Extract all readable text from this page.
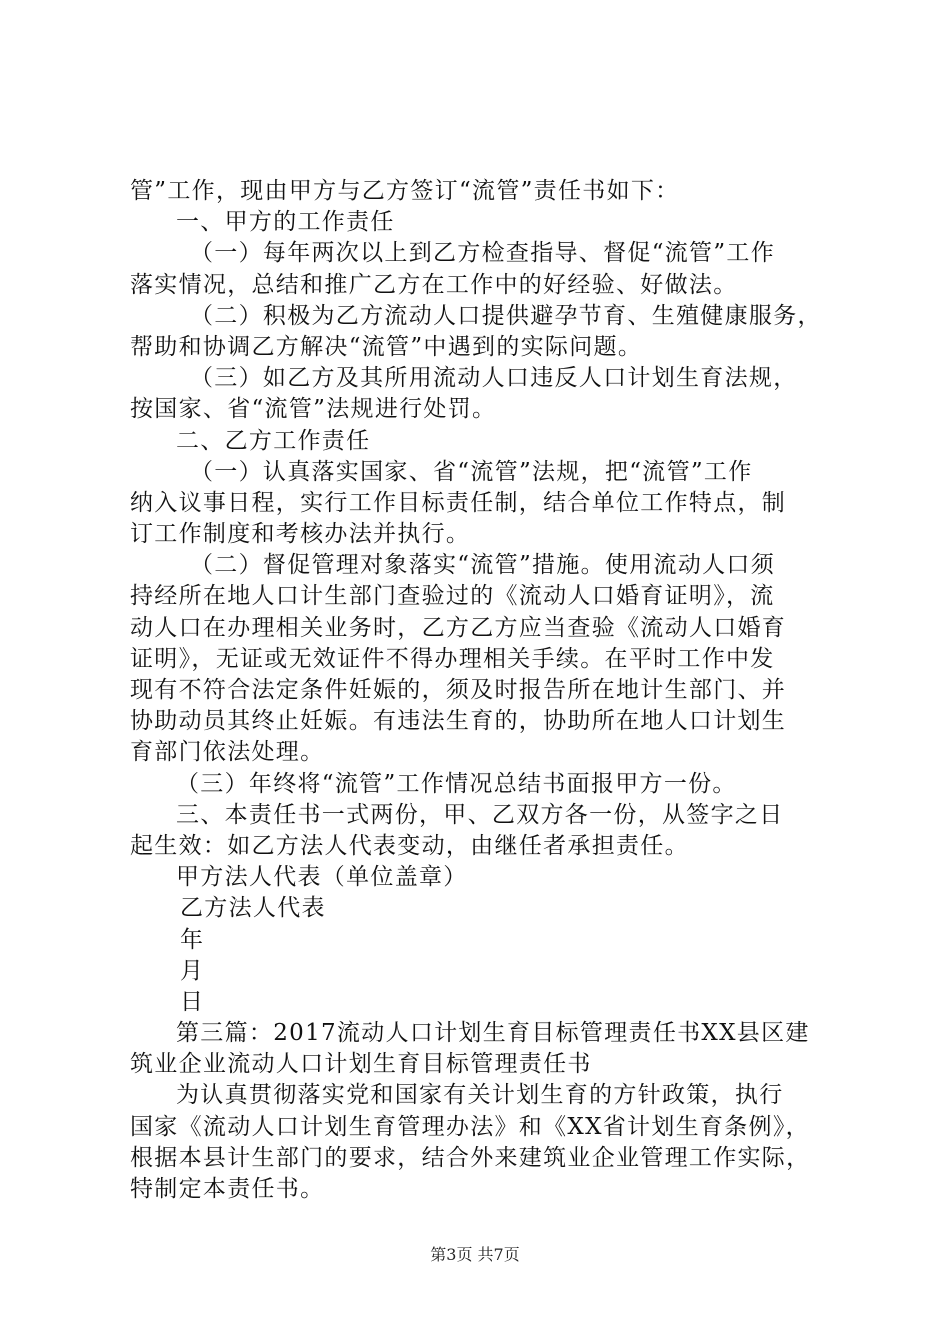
管”工作，现由甲方与乙方签订“流管”责任书如下：
一、甲方的工作责任
（一）每年两次以上到乙方检查指导、督促“流管”工作
落实情况，总结和推广乙方在工作中的好经验、好做法。
（二）积极为乙方流动人口提供避孕节育、生殖健康服务，
帮助和协调乙方解决“流管”中遇到的实际问题。
（三）如乙方及其所用流动人口违反人口计划生育法规，
按国家、省“流管”法规进行处罚。
二、乙方工作责任
（一）认真落实国家、省“流管”法规，把“流管”工作
纳入议事日程，实行工作目标责任制，结合单位工作特点，制
订工作制度和考核办法并执行。
（二）督促管理对象落实“流管”措施。使用流动人口须
持经所在地人口计生部门查验过的《流动人口婚育证明》，流
动人口在办理相关业务时，乙方乙方应当查验《流动人口婚育
证明》，无证或无效证件不得办理相关手续。在平时工作中发
现有不符合法定条件妊娠的，须及时报告所在地计生部门、并
协助动员其终止妊娠。有违法生育的，协助所在地人口计划生
育部门依法处理。
（三）年终将“流管”工作情况总结书面报甲方一份。
三、本责任书一式两份，甲、乙双方各一份，从签字之日
起生效：如乙方法人代表变动，由继任者承担责任。
甲方法人代表（单位盖章）
乙方法人代表
年
月
日
第三篇：2017流动人口计划生育目标管理责任书XX县区建
筑业企业流动人口计划生育目标管理责任书
为认真贯彻落实党和国家有关计划生育的方针政策，执行
国家《流动人口计划生育管理办法》和《XX省计划生育条例》，
根据本县计生部门的要求，结合外来建筑业企业管理工作实际，
特制定本责任书。
第3页 共7页
